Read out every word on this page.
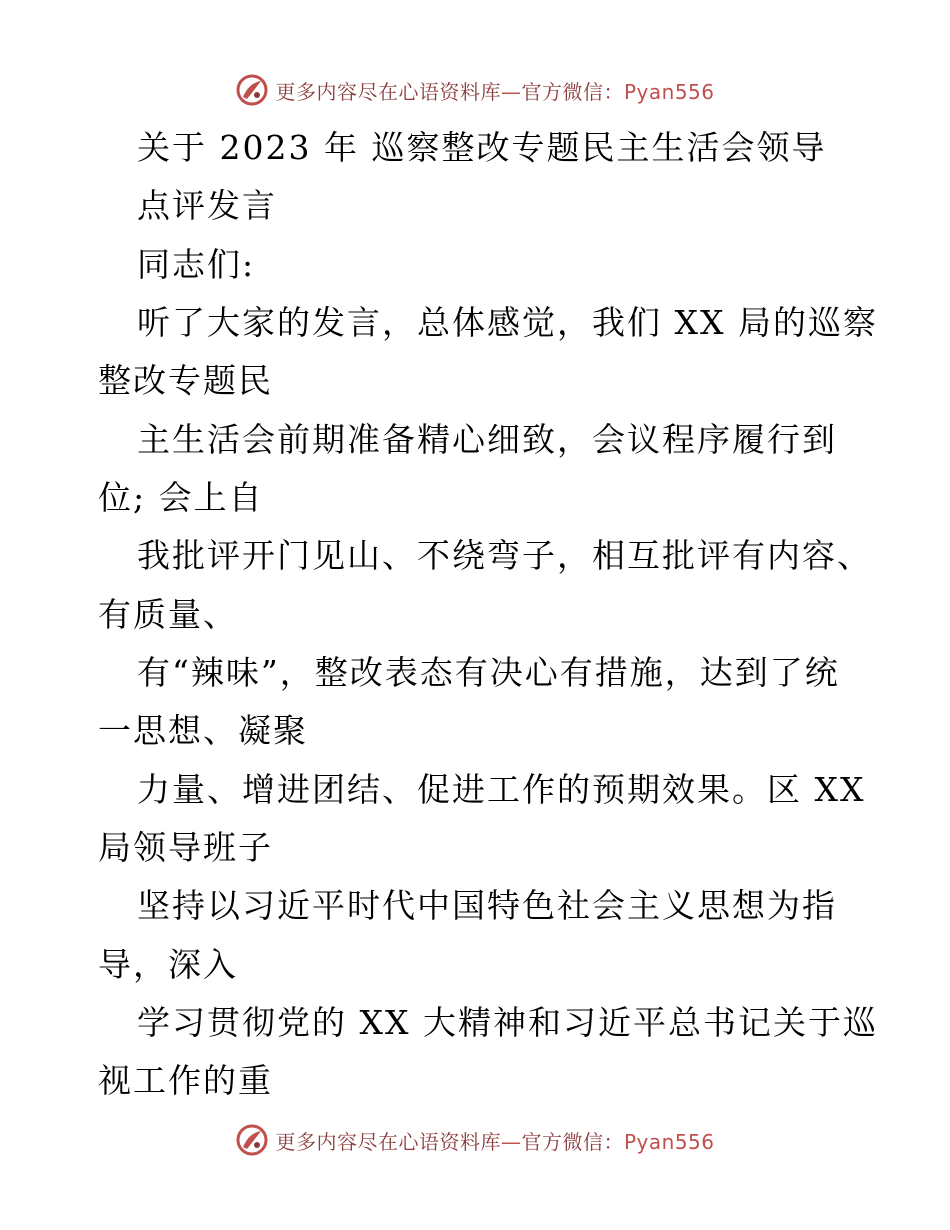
更多内容尽在心语资料库—官方微信：Pyan556
关于 2023 年 巡察整改专题民主生活会领导
点评发言
同志们:
听了大家的发言，总体感觉，我们 XX 局的巡察
整改专题民
主生活会前期准备精心细致，会议程序履行到
位; 会上自
我批评开门见山、不绕弯子，相互批评有内容、
有质量、
有“辣味”，整改表态有决心有措施，达到了统
一思想、凝聚
力量、增进团结、促进工作的预期效果。区 XX
局领导班子
坚持以习近平时代中国特色社会主义思想为指
导，深入
学习贯彻党的 XX 大精神和习近平总书记关于巡
视工作的重
更多内容尽在心语资料库—官方微信：Pyan556
